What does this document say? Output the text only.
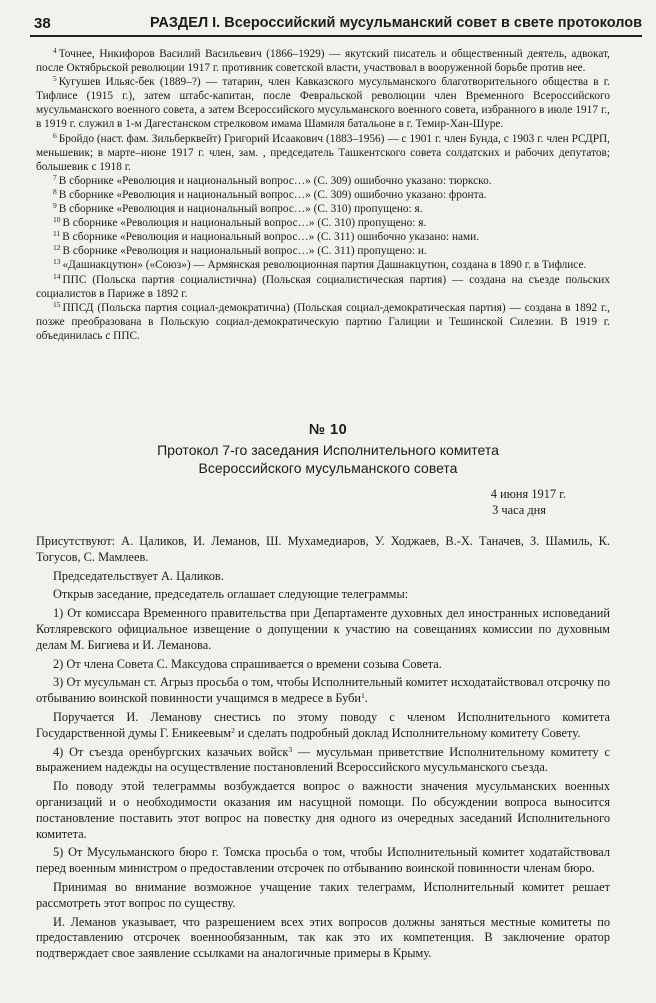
38	РАЗДЕЛ I. Всероссийский мусульманский совет в свете протоколов

$^4$ Точнее, Никифоров Василий Васильевич (1866–1929) — якутский писатель и общественный деятель, адвокат, после Октябрьской революции 1917 г. противник советской власти, участвовал в вооруженной борьбе против нее.

$^5$ Кугушев Ильяс-бек (1889–?) — татарин, член Кавказского мусульманского благотворительного общества в г. Тифлисе (1915 г.), затем штабс-капитан, после Февральской революции член Временного Всероссийского мусульманского военного совета, а затем Всероссийского мусульманского военного совета, избранного в июле 1917 г., в 1919 г. служил в 1-м Дагестанском стрелковом имама Шамиля батальоне в г. Темир-Хан-Шуре.

$^6$ Бройдо (наст. фам. Зильберквейт) Григорий Исаакович (1883–1956) — с 1901 г. член Бунда, с 1903 г. член РСДРП, меньшевик; в марте–июне 1917 г. член, зам. , председатель Ташкентского совета солдатских и рабочих депутатов; большевик с 1918 г.

$^7$ В сборнике «Революция и национальный вопрос…» (С. 309) ошибочно указано: тюркско.

$^8$ В сборнике «Революция и национальный вопрос…» (С. 309) ошибочно указано: фронта.

$^9$ В сборнике «Революция и национальный вопрос…» (С. 310) пропущено: я.

$^{10}$ В сборнике «Революция и национальный вопрос…» (С. 310) пропущено: я.

$^{11}$ В сборнике «Революция и национальный вопрос…» (С. 311) ошибочно указано: нами.

$^{12}$ В сборнике «Революция и национальный вопрос…» (С. 311) пропущено: и.

$^{13}$ «Дашнакцутюн» («Союз») — Армянская революционная партия Дашнакцутюн, создана в 1890 г. в Тифлисе.

$^{14}$ ППС (Польска партия социалистична) (Польская социалистическая партия) — создана на съезде польских социалистов в Париже в 1892 г.

$^{15}$ ППСД (Польска партия социал-демократична) (Польская социал-демократическая партия) — создана в 1892 г., позже преобразована в Польскую социал-демократическую партию Галиции и Тешинской Силезии. В 1919 г. объединилась с ППС.

№ 10
Протокол 7-го заседания Исполнительного комитета
Всероссийского мусульманского совета
4 июня 1917 г.
3 часа дня

Присутствуют: А. Цаликов, И. Леманов, Ш. Мухамедиаров, У. Ходжаев, В.-Х. Таначев, З. Шамиль, К. Тогусов, С. Мамлеев.

Председательствует А. Цаликов.

Открыв заседание, председатель оглашает следующие телеграммы:

1) От комиссара Временного правительства при Департаменте духовных дел иностранных исповеданий Котляревского официальное извещение о допущении к участию на совещаниях комиссии по духовным делам М. Бигиева и И. Леманова.

2) От члена Совета С. Максудова спрашивается о времени созыва Совета.

3) От мусульман ст. Агрыз просьба о том, чтобы Исполнительный комитет исходатайствовал отсрочку по отбыванию воинской повинности учащимся в медресе в Буби$^1$.

Поручается И. Леманову снестись по этому поводу с членом Исполнительного комитета Государственной думы Г. Еникеевым$^2$ и сделать подробный доклад Исполнительному комитету Совету.

4) От съезда оренбургских казачьих войск$^3$ — мусульман приветствие Исполнительному комитету с выражением надежды на осуществление постановлений Всероссийского мусульманского съезда.

По поводу этой телеграммы возбуждается вопрос о важности значения мусульманских военных организаций и о необходимости оказания им насущной помощи. По обсуждении вопроса выносится постановление поставить этот вопрос на повестку дня одного из очередных заседаний Исполнительного комитета.

5) От Мусульманского бюро г. Томска просьба о том, чтобы Исполнительный комитет ходатайствовал перед военным министром о предоставлении отсрочек по отбыванию воинской повинности членам бюро.

Принимая во внимание возможное учащение таких телеграмм, Исполнительный комитет решает рассмотреть этот вопрос по существу.

И. Леманов указывает, что разрешением всех этих вопросов должны заняться местные комитеты по предоставлению отсрочек военнообязанным, так как это их компетенция. В заключение оратор подтверждает свое заявление ссылками на аналогичные примеры в Крыму.
